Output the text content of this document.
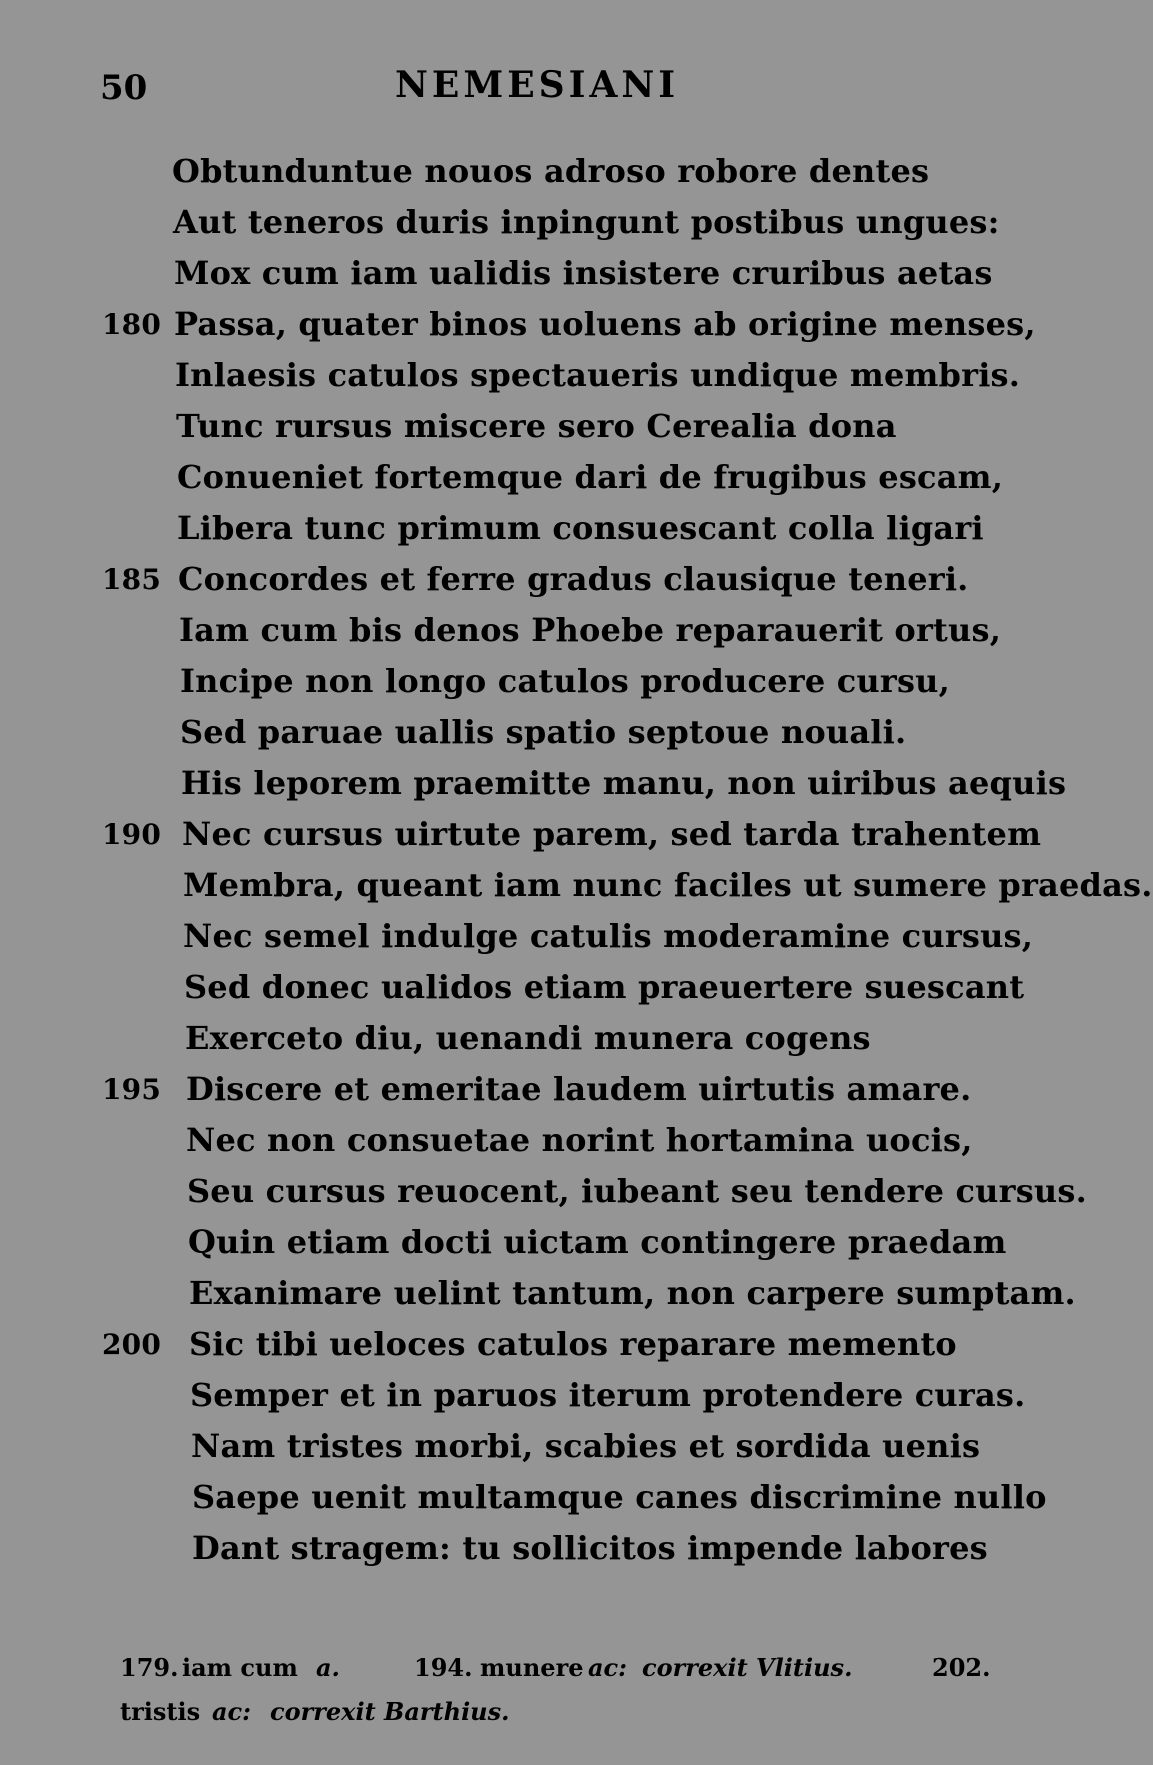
50	NEMESIANI
Obtunduntue nouos adroso robore dentes
Aut teneros duris inpingunt postibus ungues:
Mox cum iam ualidis insistere cruribus aetas
180 Passa, quater binos uoluens ab origine menses,
Inlaesis catulos spectaueris undique membris.
Tunc rursus miscere sero Cerealia dona
Conueniet fortemque dari de frugibus escam,
Libera tunc primum consuescant colla ligari
185 Concordes et ferre gradus clausique teneri.
Iam cum bis denos Phoebe reparauerit ortus,
Incipe non longo catulos producere cursu,
Sed paruae uallis spatio septoue nouali.
His leporem praemitte manu, non uiribus aequis
190 Nec cursus uirtute parem, sed tarda trahentem
Membra, queant iam nunc faciles ut sumere praedas.
Nec semel indulge catulis moderamine cursus,
Sed donec ualidos etiam praeuertere suescant
Exerceto diu, uenandi munera cogens
195 Discere et emeritae laudem uirtutis amare.
Nec non consuetae norint hortamina uocis,
Seu cursus reuocent, iubeant seu tendere cursus.
Quin etiam docti uictam contingere praedam
Exanimare uelint tantum, non carpere sumptam.
200 Sic tibi ueloces catulos reparare memento
Semper et in paruos iterum protendere curas.
Nam tristes morbi, scabies et sordida uenis
Saepe uenit multamque canes discrimine nullo
Dant stragem: tu sollicitos impende labores
179. iam cum a.	194. munere ac: correxit Vlitius.	202.
tristis ac: correxit Barthius.
